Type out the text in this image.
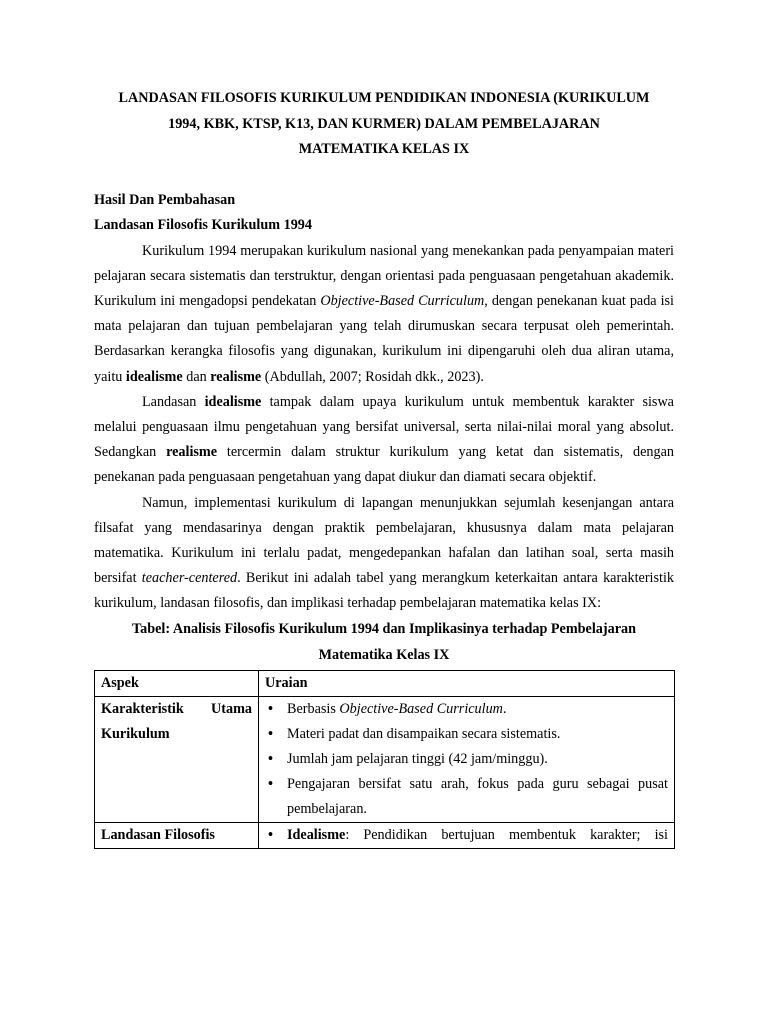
LANDASAN FILOSOFIS KURIKULUM PENDIDIKAN INDONESIA (KURIKULUM

1994, KBK, KTSP, K13, DAN KURMER) DALAM PEMBELAJARAN

MATEMATIKA KELAS IX

Hasil Dan Pembahasan

Landasan Filosofis Kurikulum 1994

Kurikulum 1994 merupakan kurikulum nasional yang menekankan pada penyampaian materi pelajaran secara sistematis dan terstruktur, dengan orientasi pada penguasaan pengetahuan akademik. Kurikulum ini mengadopsi pendekatan Objective-Based Curriculum, dengan penekanan kuat pada isi mata pelajaran dan tujuan pembelajaran yang telah dirumuskan secara terpusat oleh pemerintah. Berdasarkan kerangka filosofis yang digunakan, kurikulum ini dipengaruhi oleh dua aliran utama, yaitu idealisme dan realisme (Abdullah, 2007; Rosidah dkk., 2023).

Landasan idealisme tampak dalam upaya kurikulum untuk membentuk karakter siswa melalui penguasaan ilmu pengetahuan yang bersifat universal, serta nilai-nilai moral yang absolut. Sedangkan realisme tercermin dalam struktur kurikulum yang ketat dan sistematis, dengan penekanan pada penguasaan pengetahuan yang dapat diukur dan diamati secara objektif.

Namun, implementasi kurikulum di lapangan menunjukkan sejumlah kesenjangan antara filsafat yang mendasarinya dengan praktik pembelajaran, khususnya dalam mata pelajaran matematika. Kurikulum ini terlalu padat, mengedepankan hafalan dan latihan soal, serta masih bersifat teacher-centered. Berikut ini adalah tabel yang merangkum keterkaitan antara karakteristik kurikulum, landasan filosofis, dan implikasi terhadap pembelajaran matematika kelas IX:

Tabel: Analisis Filosofis Kurikulum 1994 dan Implikasinya terhadap Pembelajaran

Matematika Kelas IX

Aspek	Uraian
Karakteristik Utama Kurikulum	• Berbasis Objective-Based Curriculum.
• Materi padat dan disampaikan secara sistematis.
• Jumlah jam pelajaran tinggi (42 jam/minggu).
• Pengajaran bersifat satu arah, fokus pada guru sebagai pusat pembelajaran.

Landasan Filosofis	• Idealisme: Pendidikan bertujuan membentuk karakter; isi
